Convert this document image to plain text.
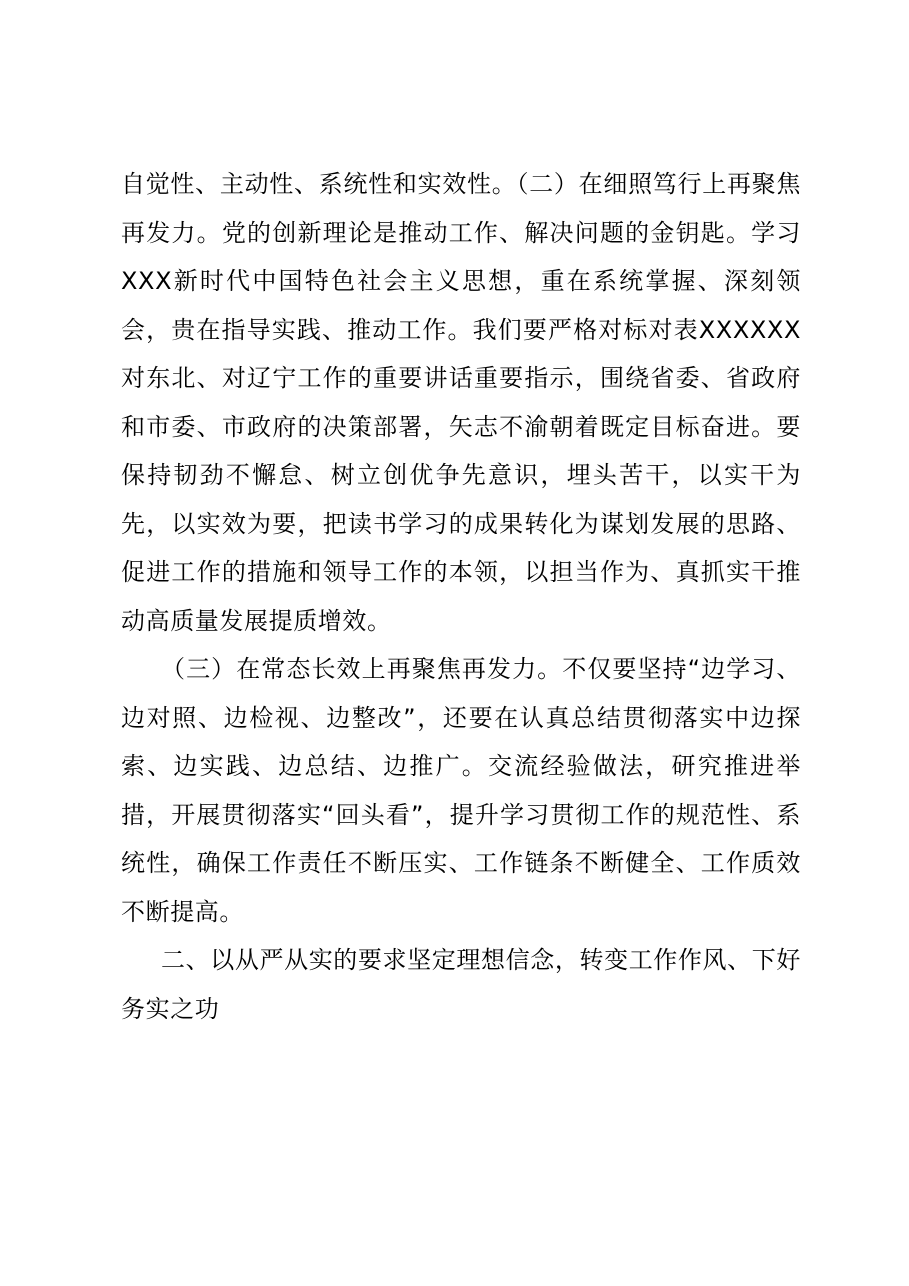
自觉性、主动性、系统性和实效性。（二）在细照笃行上再聚焦再发力。党的创新理论是推动工作、解决问题的金钥匙。学习XXX新时代中国特色社会主义思想，重在系统掌握、深刻领会，贵在指导实践、推动工作。我们要严格对标对表XXXXXX对东北、对辽宁工作的重要讲话重要指示，围绕省委、省政府和市委、市政府的决策部署，矢志不渝朝着既定目标奋进。要保持韧劲不懈怠、树立创优争先意识，埋头苦干，以实干为先，以实效为要，把读书学习的成果转化为谋划发展的思路、促进工作的措施和领导工作的本领，以担当作为、真抓实干推动高质量发展提质增效。

（三）在常态长效上再聚焦再发力。不仅要坚持“边学习、边对照、边检视、边整改”，还要在认真总结贯彻落实中边探索、边实践、边总结、边推广。交流经验做法，研究推进举措，开展贯彻落实“回头看”，提升学习贯彻工作的规范性、系统性，确保工作责任不断压实、工作链条不断健全、工作质效不断提高。

二、以从严从实的要求坚定理想信念，转变工作作风、下好务实之功
